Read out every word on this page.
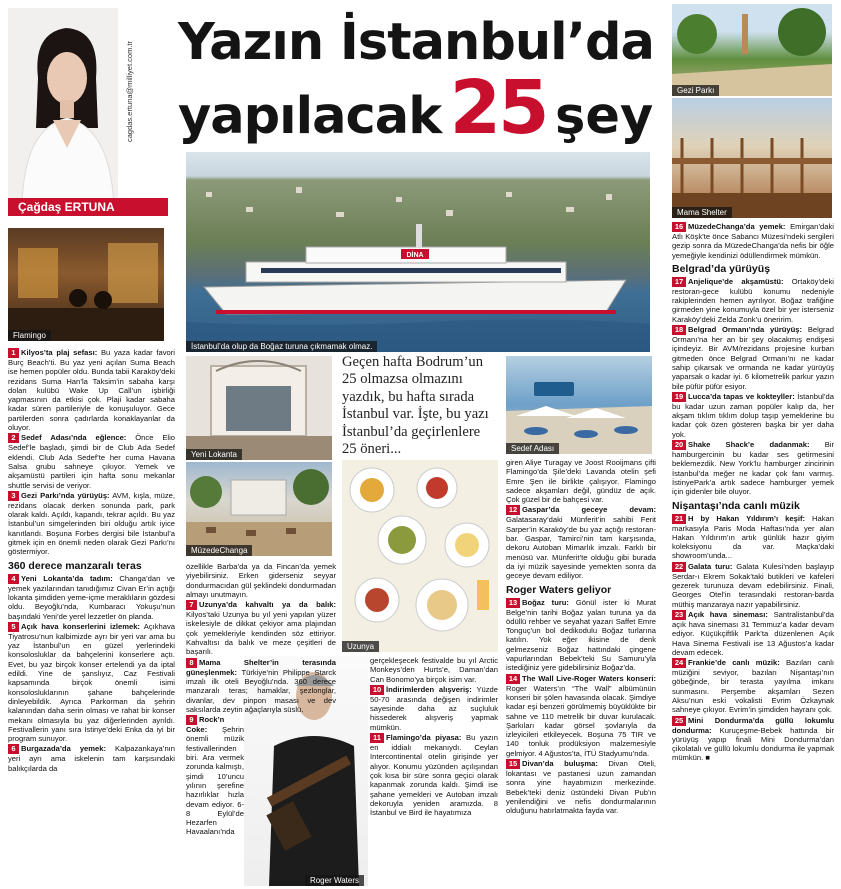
Yazın İstanbul’da
yapılacak 25 şey
cagdas.ertuna@milliyet.com.tr
Çağdaş ERTUNA
Flamingo
DİNA
İstanbul’da olup da Boğaz turuna çıkmamak olmaz.
Gezi Parkı
Mama Shelter
Yeni Lokanta
MüzedeChanga
Geçen hafta Bodrum’un 25 olmazsa olmazını yazdık, bu hafta sırada İstanbul var. İşte, bu yazı İstanbul’da geçirlenlere 25 öneri...
Uzunya
Sedef Adası
Roger Waters

1 Kilyos’ta plaj sefası: Bu yaza kadar favori Burç Beach’ti. Bu yaz yeni açılan Suma Beach ise hemen popüler oldu. Bunda tabii Karaköy’deki rezidans Suma Han’la Taksim’in sabaha karşı dolan kulübü Wake Up Call’un işbirliği yapmasının da etkisi çok. Plaji kadar sabaha kadar süren partileriyle de konuşuluyor. Gece partilerden sonra çadırlarda konaklayanlar da oluyor.

2 Sedef Adası’nda eğlence: Önce Elio Sedef’le başladı, şimdi bir de Club Ada Sedef eklendi. Club Ada Sedef’te her cuma Havana Salsa grubu sahneye çıkıyor. Yemek ve akşamüstü partileri için hafta sonu mekanlar shuttle servisi de veriyor.

3 Gezi Parkı’nda yürüyüş: AVM, kışla, müze, rezidans olacak derken sonunda park, park olarak kaldı. Açıldı, kapandı, tekrar açıldı. Bu yaz İstanbul’un simgelerinden biri olduğu artık iyice kanıtlandı. Boşuna Forbes dergisi bile İstanbul’a gitmek için en önemli neden olarak Gezi Parkı’nı göstermiyor.

360 derece manzaralı teras

4 Yeni Lokanta’da tadım: Changa’dan ve yemek yazılarından tanıdığımız Civan Er’in açtığı lokanta şimdiden yeme-içme meraklıların gözdesi oldu. Beyoğlu’nda, Kumbaracı Yokuşu’nun başındaki Yeni’de yerel lezzetler ön planda.

5 Açık hava konserlerini izlemek: Açıkhava Tiyatrosu’nun kalbimizde ayrı bir yeri var ama bu yaz İstanbul’un en güzel yerlerindeki konsolosluklar da bahçelerini konserlere açtı. Evet, bu yaz birçok konser ertelendi ya da iptal edildi. Yine de şanslıyız, Caz Festivali kapsamında birçok önemli isimi konsolosluklarının şahane bahçelerinde dinleyebildik. Ayrıca Parkorman da şehrin kalanından daha serin olması ve rahat bir konser mekanı olmasıyla bu yaz diğerlerinden ayrıldı. Festivallerin yanı sıra İstinye’deki Enka da iyi bir program sunuyor.

6 Burgazada’da yemek: Kalpazankaya’nın yeri ayrı ama iskelenin tam karşısındaki balıkçılarda da

özellikle Barba’da ya da Fincan’da yemek yiyebilirsiniz. Erken giderseniz seyyar dondurmacıdan gül şeklindeki dondurmadan almayı unutmayın.

7 Uzunya’da kahvaltı ya da balık: Kilyos’taki Uzunya bu yıl yeni yapılan yüzer iskelesiyle de dikkat çekiyor ama plajından çok yemekleriyle kendinden söz ettiriyor. Kahvaltısı da balık ve meze çeşitleri de başarılı.

8 Mama Shelter’in terasında güneşlenmek: Türkiye’nin Philippe Starck imzalı ilk oteli Beyoğlu’nda. 360 derece manzaralı teras; hamaklar, şezlonglar, divanlar, dev pinpon masası ve dev saksılarda zeytin ağaçlarıyla süslü.

9 Rock’n Coke: Şehrin önemli müzik festivallerinden biri. Ara vermek zorunda kalmıştı, şimdi 10’uncu yılının şerefine hazırlıklar hızla devam ediyor. 6-8 Eylül’de Hezarfen Havaalanı’nda

gerçekleşecek festivalde bu yıl Arctic Monkeys’den Hurts’e, Daman’dan Can Bonomo’ya birçok isim var.

10 İndirimlerden alışveriş: Yüzde 50-70 arasında değişen indirimler sayesinde daha az suçluluk hissederek alışveriş yapmak mümkün.

11 Flamingo’da piyasa: Bu yazın en iddialı mekanıydı. Ceylan Intercontinental otelin girişinde yer alıyor. Konumu yüzünden açılışından çok kısa bir süre sonra geçici olarak kapanmak zorunda kaldı. Şimdi ise şahane yemekleri ve Autoban imzalı dekoruyla yeniden aramızda. 8 İstanbul ve Bird ile hayatımıza

giren Aliye Turagay ve Joost Rooijmans çifti Flamingo’da Şile’deki Lavanda otelin şefi Emre Şen ile birlikte çalışıyor. Flamingo sadece akşamları değil, gündüz de açık. Çok güzel bir de bahçesi var.

12 Gaspar’da geceye devam: Galatasaray’daki Münferit’in sahibi Ferit Sarper’in Karaköy’de bu yaz açtığı restoran-bar. Gaspar, Tamirci’nin tam karşısında, dekoru Autoban Mimarlık imzalı. Farklı bir menüsü var. Münferit’te olduğu gibi burada da iyi müzik sayesinde yemekten sonra da geceye devam ediliyor.

Roger Waters geliyor

13 Boğaz turu: Gönül ister ki Murat Belge’nin tarihi Boğaz yaları turuna ya da ödüllü rehber ve seyahat yazarı Saffet Emre Tonguç’un bol dedikodulu Boğaz turlarına katılın. Yok eğer ikisine de denk gelmezseniz Boğaz hattındaki çingene vapurlarından Bebek’teki Su Samuru’yla istediğiniz yere gidebilirsiniz Boğaz’da.

14 The Wall Live-Roger Waters konseri: Roger Waters’ın “The Wall” albümünün konseri bir şölen havasında olacak. Şimdiye kadar eşi benzeri görülmemiş büyüklükte bir sahne ve 110 metrelik bir duvar kurulacak. Şarkıları kadar görsel şovlarıyla da izleyicileri etkileyecek. Boşuna 75 TIR ve 140 tonluk prodüksiyon malzemesiyle gelmiyor. 4 Ağustos’ta, İTÜ Stadyumu’nda.

15 Divan’da buluşma: Divan Oteli, lokantası ve pastanesi uzun zamandan sonra yine hayatımızın merkezinde. Bebek’teki deniz üstündeki Divan Pub’ın yenilendiğini ve nefis dondurmalarının olduğunu hatırlatmakta fayda var.

16 MüzedeChanga’da yemek: Emirgan’daki Atlı Köşk’te önce Sabancı Müzesi’ndeki sergileri gezip sonra da MüzedeChanga’da nefis bir öğle yemeğiyle kendinizi ödüllendirmek mümkün.

Belgrad’da yürüyüş

17 Anjelique’de akşamüstü: Ortaköy’deki restoran-gece kulübü konumu nedeniyle rakiplerinden hemen ayrılıyor. Boğaz trafiğine girmeden yine konumuyla özel bir yer isterseniz Karaköy’deki Zelda Zonk’u öneririm.

18 Belgrad Ormanı’nda yürüyüş: Belgrad Ormanı’na her an bir şey olacakmış endişesi içindeyiz. Bir AVM/rezidans projesine kurban gitmeden önce Belgrad Ormanı’nı ne kadar sahip çıkarsak ve ormanda ne kadar yürüyüş yaparsak o kadar iyi. 6 kilometrelik parkur yazın bile püfür püfür esiyor.

19 Lucca’da tapas ve kokteyller: İstanbul’da bu kadar uzun zaman popüler kalıp da, her akşam tıklım tıklım dolup taşıp yemeklerine bu kadar çok özen gösteren başka bir yer daha yok.

20 Shake Shack’e dadanmak: Bir hamburgercinin bu kadar ses getirmesini beklemezdik. New York’lu hamburger zincirinin İstanbul’da meğer ne kadar çok fanı varmış. İstinyePark’a artık sadece hamburger yemek için gidenler bile oluyor.

Nişantaşı’nda canlı müzik

21 H by Hakan Yıldırım’ı keşif: Hakan markasıyla Paris Moda Haftası’nda yer alan Hakan Yıldırım’ın artık günlük hazır giyim koleksiyonu da var. Maçka’daki showroom’unda...

22 Galata turu: Galata Kulesi’nden başlayıp Serdar-ı Ekrem Sokak’taki butikleri ve kafeleri gezerek turunuza devam edebilirsiniz. Finali, Georges Otel’in terasındaki restoran-barda müthiş manzaraya nazır yapabilirsiniz.

23 Açık hava sineması: Santralistanbul’da açık hava sineması 31 Temmuz’a kadar devam ediyor. Küçükçiftlik Park’ta düzenlenen Açık Hava Sinema Festivali ise 13 Ağustos’a kadar devam edecek.

24 Frankie’de canlı müzik: Bazıları canlı müziğini seviyor, bazıları Nişantaşı’nın göbeğinde, bir terasta yayılma imkanı sunmasını. Perşembe akşamları Sezen Aksu’nun eski vokalisti Evrim Özkaynak sahneye çıkıyor. Evrim’in şimdiden hayranı çok.

25 Mini Dondurma’da güllü lokumlu dondurma: Kuruçeşme-Bebek hattında bir yürüyüş yapıp finali Mini Dondurma’dan çikolatalı ve güllü lokumlu dondurma ile yapmak mümkün. ■
